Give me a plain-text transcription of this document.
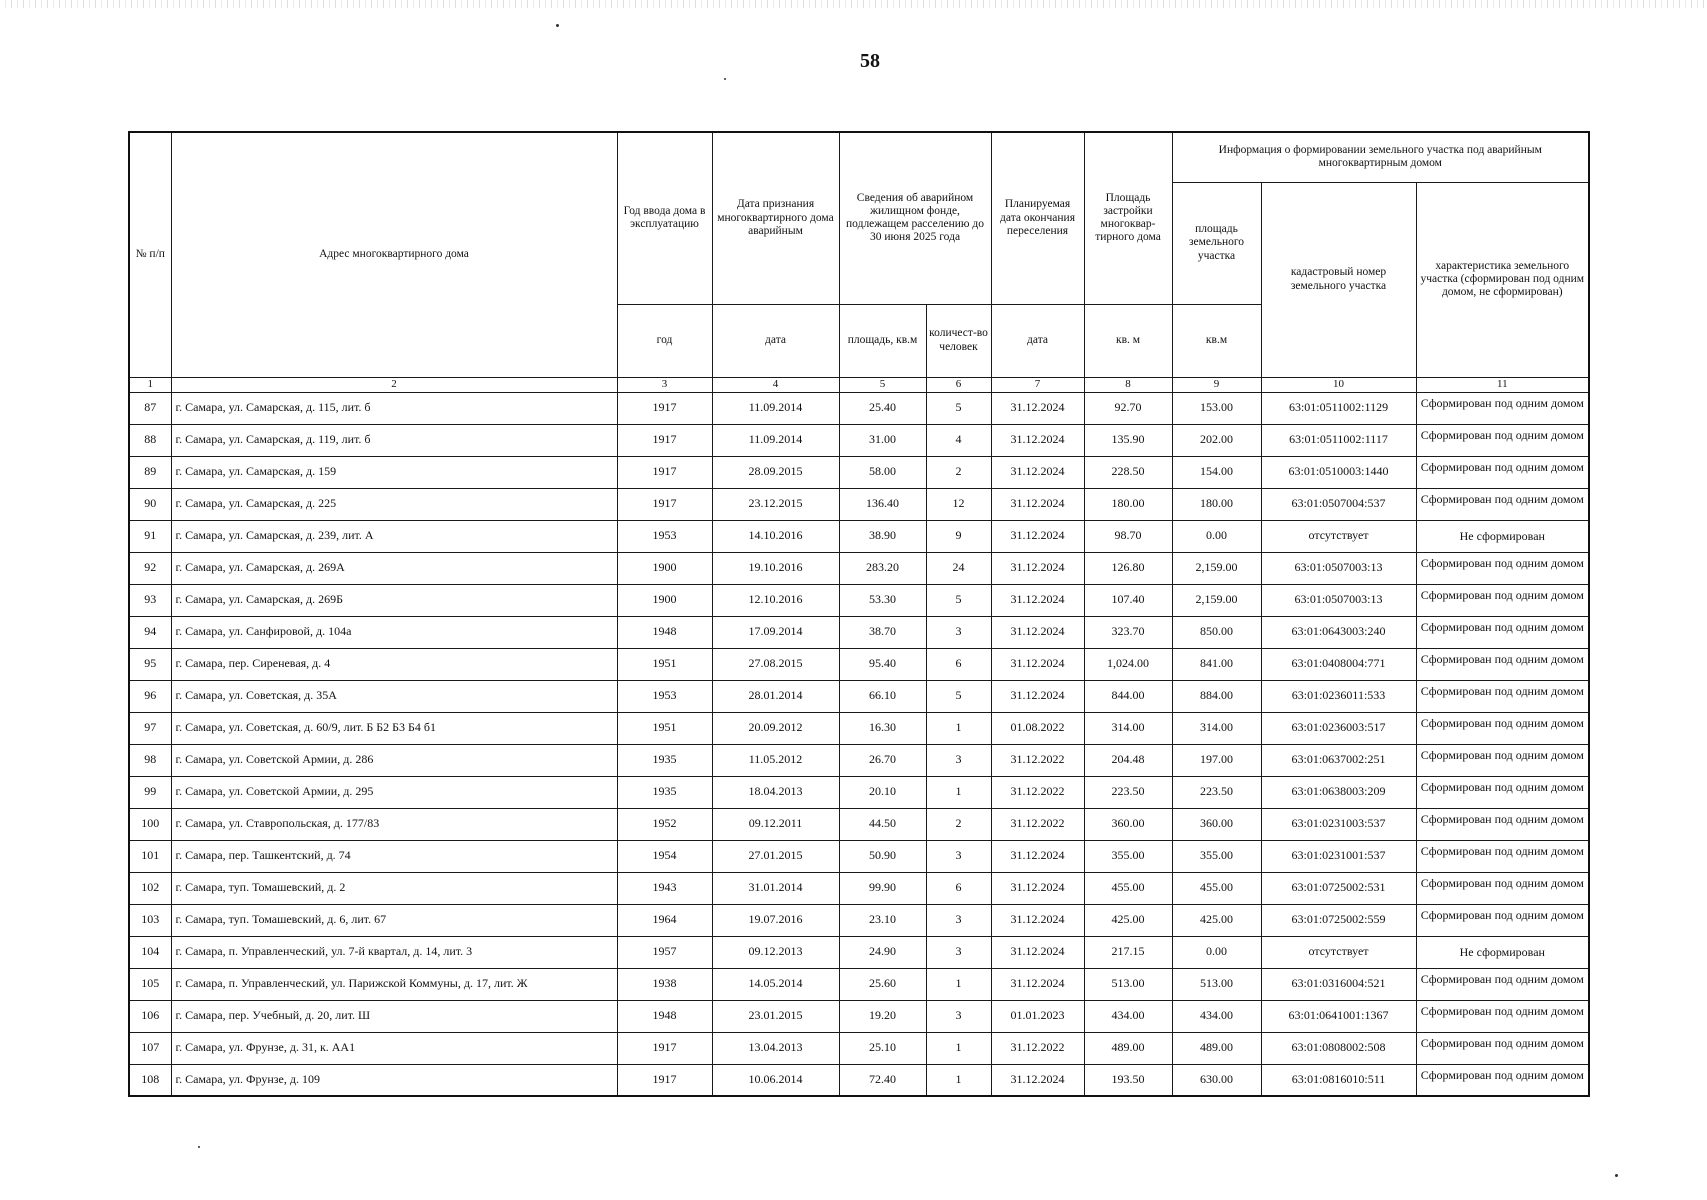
58
№ п/п	Адрес многоквартирного дома	Год ввода дома в эксплуатацию	Дата признания многоквартирного дома аварийным	Сведения об аварийном жилищном фонде, подлежащем расселению до 30 июня 2025 года		Планируемая дата окончания переселения	Площадь застройки многоквар-тирного дома	Информация о формировании земельного участка под аварийным многоквартирным домом		
								площадь земельного участка	кадастровый номер земельного участка	характеристика земельного участка (сформирован под одним домом, не сформирован)
		год	дата	площадь, кв.м	количест-во человек	дата	кв. м	кв.м		
1	2	3	4	5	6	7	8	9	10	11
87	г. Самара, ул. Самарская, д. 115, лит. б	1917	11.09.2014	25.40	5	31.12.2024	92.70	153.00	63:01:0511002:1129	Сформирован под одним домом
88	г. Самара, ул. Самарская, д. 119, лит. б	1917	11.09.2014	31.00	4	31.12.2024	135.90	202.00	63:01:0511002:1117	Сформирован под одним домом
89	г. Самара, ул. Самарская, д. 159	1917	28.09.2015	58.00	2	31.12.2024	228.50	154.00	63:01:0510003:1440	Сформирован под одним домом
90	г. Самара, ул. Самарская, д. 225	1917	23.12.2015	136.40	12	31.12.2024	180.00	180.00	63:01:0507004:537	Сформирован под одним домом
91	г. Самара, ул. Самарская, д. 239, лит. А	1953	14.10.2016	38.90	9	31.12.2024	98.70	0.00	отсутствует	Не сформирован
92	г. Самара, ул. Самарская, д. 269А	1900	19.10.2016	283.20	24	31.12.2024	126.80	2,159.00	63:01:0507003:13	Сформирован под одним домом
93	г. Самара, ул. Самарская, д. 269Б	1900	12.10.2016	53.30	5	31.12.2024	107.40	2,159.00	63:01:0507003:13	Сформирован под одним домом
94	г. Самара, ул. Санфировой, д. 104а	1948	17.09.2014	38.70	3	31.12.2024	323.70	850.00	63:01:0643003:240	Сформирован под одним домом
95	г. Самара, пер. Сиреневая, д. 4	1951	27.08.2015	95.40	6	31.12.2024	1,024.00	841.00	63:01:0408004:771	Сформирован под одним домом
96	г. Самара, ул. Советская, д. 35А	1953	28.01.2014	66.10	5	31.12.2024	844.00	884.00	63:01:0236011:533	Сформирован под одним домом
97	г. Самара, ул. Советская, д. 60/9, лит. Б Б2 Б3 Б4 б1	1951	20.09.2012	16.30	1	01.08.2022	314.00	314.00	63:01:0236003:517	Сформирован под одним домом
98	г. Самара, ул. Советской Армии, д. 286	1935	11.05.2012	26.70	3	31.12.2022	204.48	197.00	63:01:0637002:251	Сформирован под одним домом
99	г. Самара, ул. Советской Армии, д. 295	1935	18.04.2013	20.10	1	31.12.2022	223.50	223.50	63:01:0638003:209	Сформирован под одним домом
100	г. Самара, ул. Ставропольская, д. 177/83	1952	09.12.2011	44.50	2	31.12.2022	360.00	360.00	63:01:0231003:537	Сформирован под одним домом
101	г. Самара, пер. Ташкентский, д. 74	1954	27.01.2015	50.90	3	31.12.2024	355.00	355.00	63:01:0231001:537	Сформирован под одним домом
102	г. Самара, туп. Томашевский, д. 2	1943	31.01.2014	99.90	6	31.12.2024	455.00	455.00	63:01:0725002:531	Сформирован под одним домом
103	г. Самара, туп. Томашевский, д. 6, лит. 67	1964	19.07.2016	23.10	3	31.12.2024	425.00	425.00	63:01:0725002:559	Сформирован под одним домом
104	г. Самара, п. Управленческий, ул. 7-й квартал, д. 14, лит. 3	1957	09.12.2013	24.90	3	31.12.2024	217.15	0.00	отсутствует	Не сформирован
105	г. Самара, п. Управленческий, ул. Парижской Коммуны, д. 17, лит. Ж	1938	14.05.2014	25.60	1	31.12.2024	513.00	513.00	63:01:0316004:521	Сформирован под одним домом
106	г. Самара, пер. Учебный, д. 20, лит. Ш	1948	23.01.2015	19.20	3	01.01.2023	434.00	434.00	63:01:0641001:1367	Сформирован под одним домом
107	г. Самара, ул. Фрунзе, д. 31, к. АА1	1917	13.04.2013	25.10	1	31.12.2022	489.00	489.00	63:01:0808002:508	Сформирован под одним домом
108	г. Самара, ул. Фрунзе, д. 109	1917	10.06.2014	72.40	1	31.12.2024	193.50	630.00	63:01:0816010:511	Сформирован под одним домом
